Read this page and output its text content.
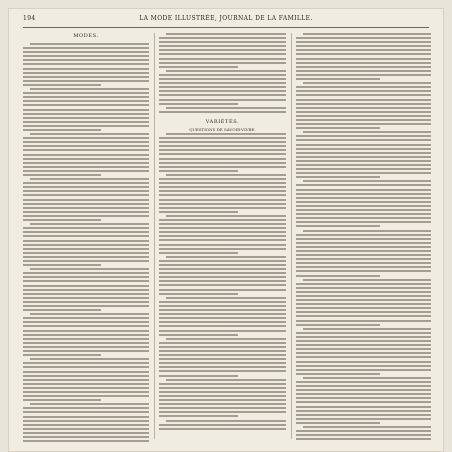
194	LA MODE ILLUSTRÉE, JOURNAL DE LA FAMILLE.
MODES.
VARIÉTÉS.
QUESTIONS DE SAVOIR-VIVRE.
